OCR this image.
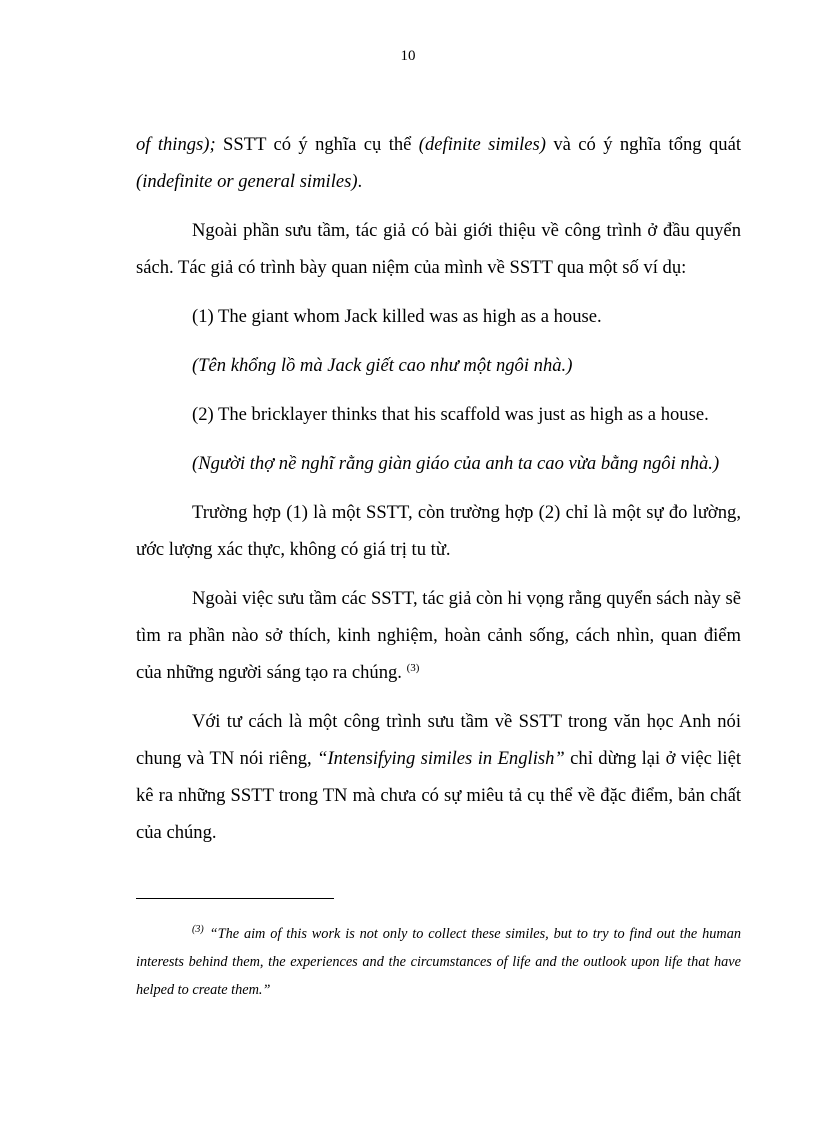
10

of things); SSTT có ý nghĩa cụ thể (definite similes) và có ý nghĩa tổng quát (indefinite or general similes).

Ngoài phần sưu tầm, tác giả có bài giới thiệu về công trình ở đầu quyển sách. Tác giả có trình bày quan niệm của mình về SSTT qua một số ví dụ:

(1) The giant whom Jack killed was as high as a house.

(Tên khổng lồ mà Jack giết cao như một ngôi nhà.)

(2) The bricklayer thinks that his scaffold was just as high as a house.

(Người thợ nề nghĩ rằng giàn giáo của anh ta cao vừa bằng ngôi nhà.)

Trường hợp (1) là một SSTT, còn trường hợp (2) chỉ là một sự đo lường, ước lượng xác thực, không có giá trị tu từ.

Ngoài việc sưu tầm các SSTT, tác giả còn hi vọng rằng quyển sách này sẽ tìm ra phần nào sở thích, kinh nghiệm, hoàn cảnh sống, cách nhìn, quan điểm của những người sáng tạo ra chúng. $^{(3)}$

Với tư cách là một công trình sưu tầm về SSTT trong văn học Anh nói chung và TN nói riêng, “Intensifying similes in English” chỉ dừng lại ở việc liệt kê ra những SSTT trong TN mà chưa có sự miêu tả cụ thể về đặc điểm, bản chất của chúng.

$^{(3)}$ “The aim of this work is not only to collect these similes, but to try to find out the human interests behind them, the experiences and the circumstances of life and the outlook upon life that have helped to create them.”
